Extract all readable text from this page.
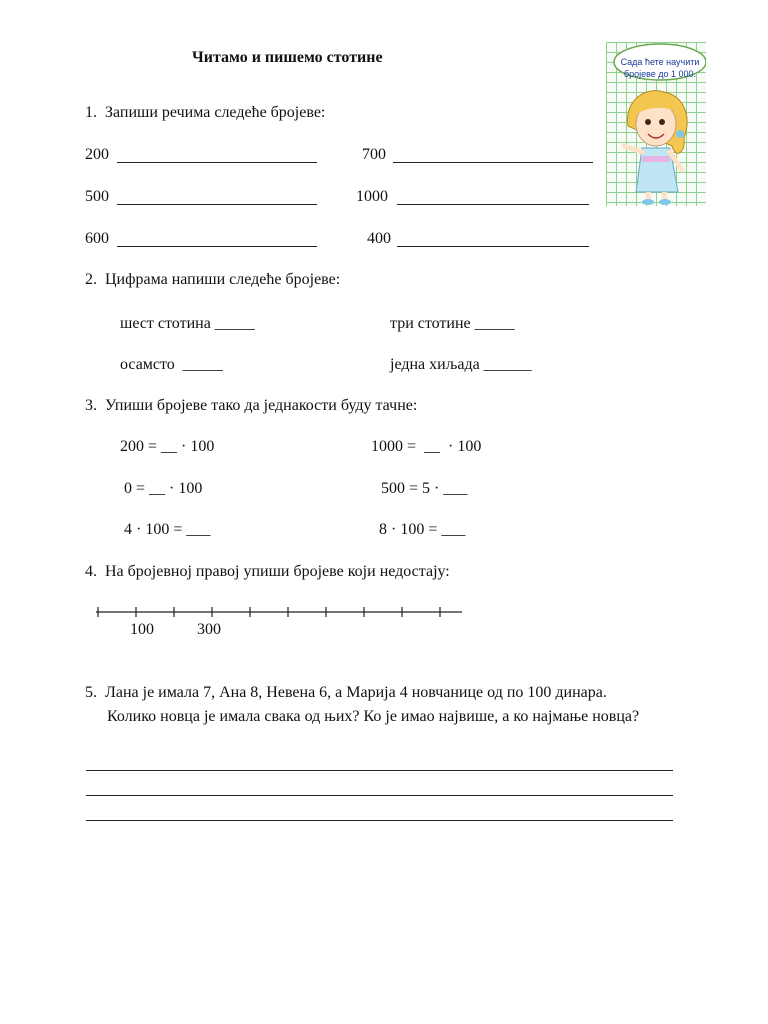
Читамо и пишемо стотине	Сада ћете научити бројеве до 1 000.
1.  Запиши речима следеће бројеве:
200	700
500	1000
600	400
2.  Цифрама напиши следеће бројеве:
шест стотина _____	три стотине _____
осамсто  _____	једна хиљада ______
3.  Упиши бројеве тако да једнакости буду тачне:
200 = __ · 100	1000 =  __  · 100
0 = __ · 100	500 = 5 · ___
4 · 100 = ___	8 · 100 = ___
4.  На бројевној правој упиши бројеве који недостају:
100	300
5.  Лана је имала 7, Ана 8, Невена 6, а Марија 4 новчанице од по 100 динара.
Колико новца је имала свака од њих? Ко је имао највише, а ко најмање новца?
